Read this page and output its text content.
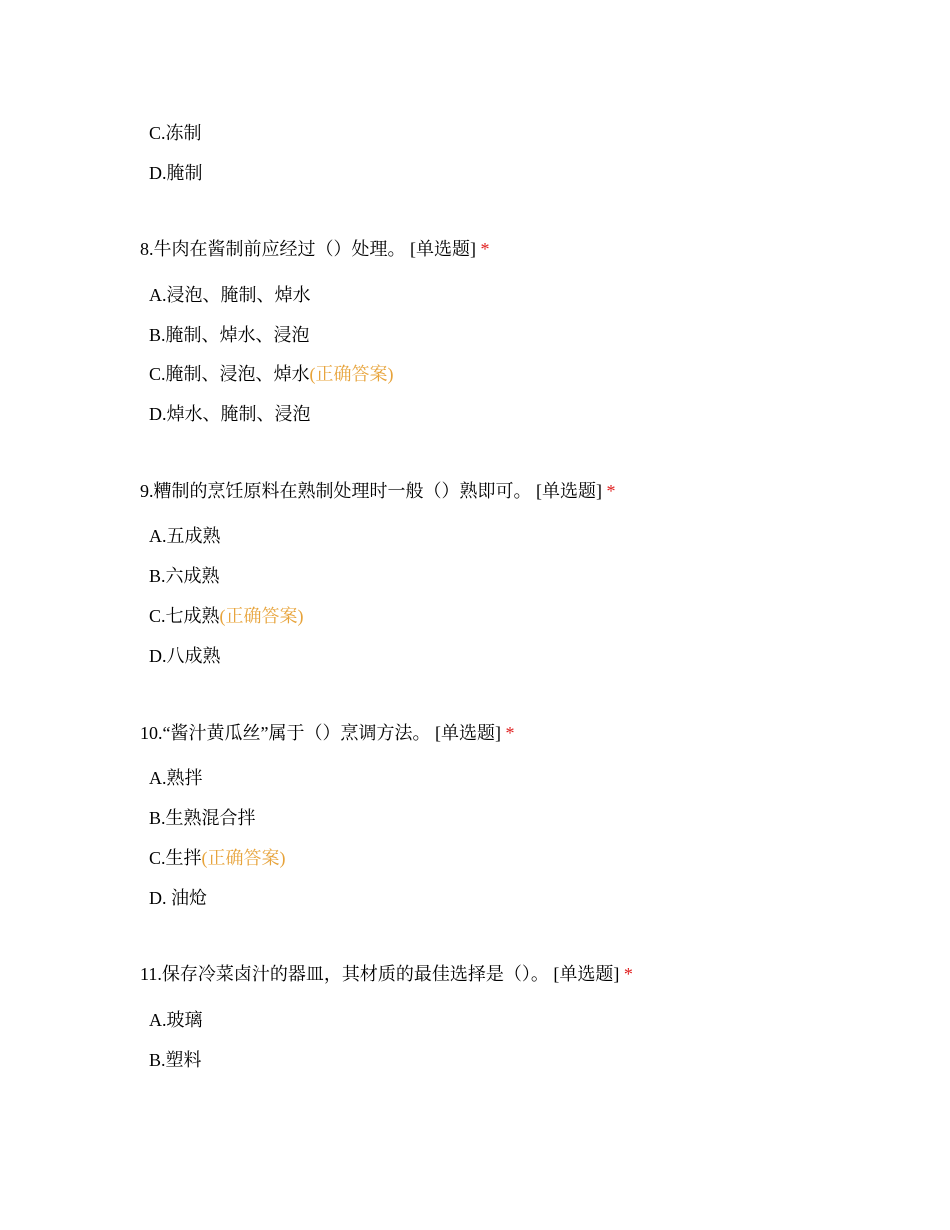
C.冻制
D.腌制
8.牛肉在酱制前应经过（）处理。 [单选题] *
A.浸泡、腌制、焯水
B.腌制、焯水、浸泡
C.腌制、浸泡、焯水(正确答案)
D.焯水、腌制、浸泡
9.糟制的烹饪原料在熟制处理时一般（）熟即可。 [单选题] *
A.五成熟
B.六成熟
C.七成熟(正确答案)
D.八成熟
10.“酱汁黄瓜丝”属于（）烹调方法。 [单选题] *
A.熟拌
B.生熟混合拌
C.生拌(正确答案)
D. 油炝
11.保存冷菜卤汁的器皿，其材质的最佳选择是（）。 [单选题] *
A.玻璃
B.塑料
